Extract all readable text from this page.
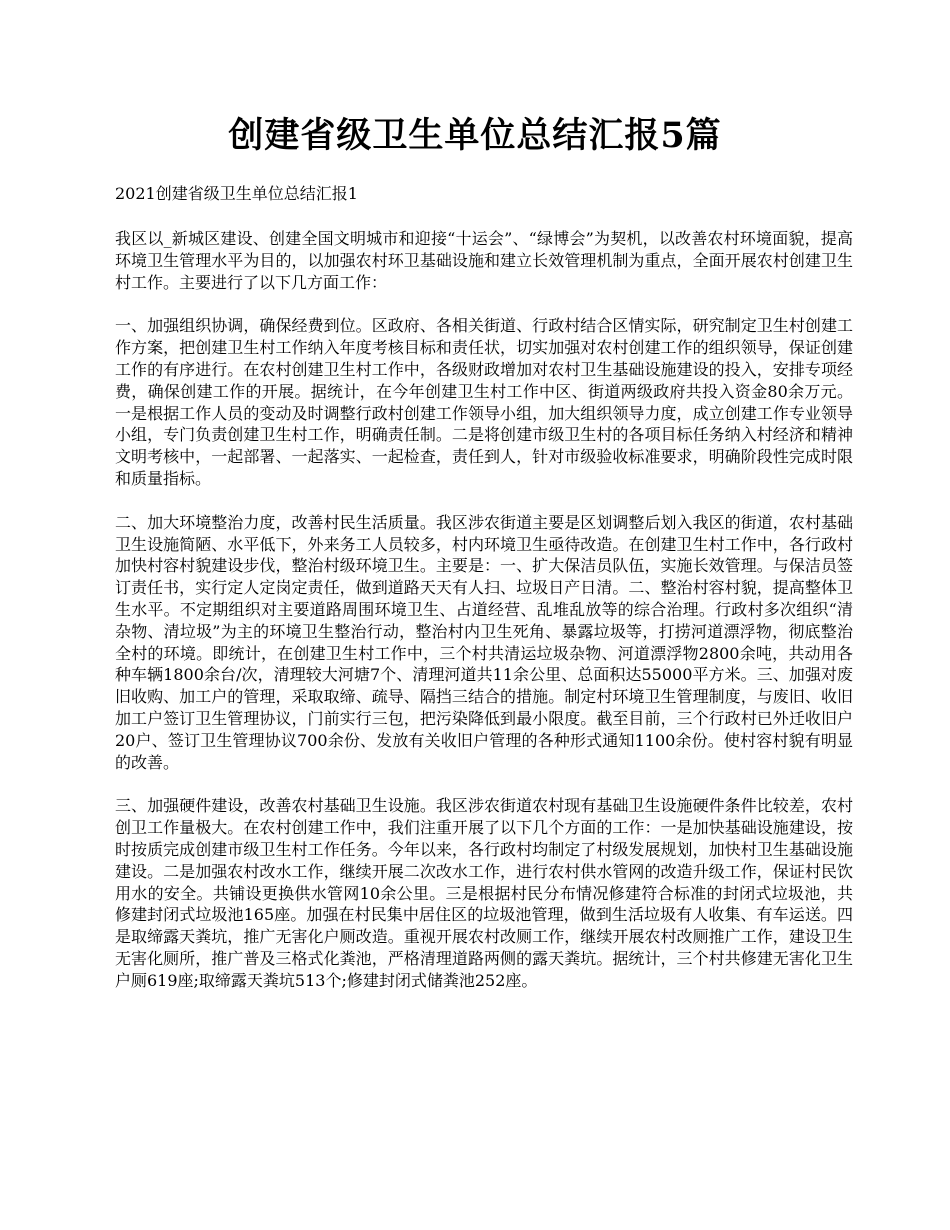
创建省级卫生单位总结汇报5篇

2021创建省级卫生单位总结汇报1

我区以_新城区建设、创建全国文明城市和迎接“十运会”、“绿博会”为契机，以改善农村环境面貌，提高环境卫生管理水平为目的，以加强农村环卫基础设施和建立长效管理机制为重点，全面开展农村创建卫生村工作。主要进行了以下几方面工作：

一、加强组织协调，确保经费到位。区政府、各相关街道、行政村结合区情实际，研究制定卫生村创建工作方案，把创建卫生村工作纳入年度考核目标和责任状，切实加强对农村创建工作的组织领导，保证创建工作的有序进行。在农村创建卫生村工作中，各级财政增加对农村卫生基础设施建设的投入，安排专项经费，确保创建工作的开展。据统计，在今年创建卫生村工作中区、街道两级政府共投入资金80余万元。一是根据工作人员的变动及时调整行政村创建工作领导小组，加大组织领导力度，成立创建工作专业领导小组，专门负责创建卫生村工作，明确责任制。二是将创建市级卫生村的各项目标任务纳入村经济和精神文明考核中，一起部署、一起落实、一起检查，责任到人，针对市级验收标准要求，明确阶段性完成时限和质量指标。

二、加大环境整治力度，改善村民生活质量。我区涉农街道主要是区划调整后划入我区的街道，农村基础卫生设施简陋、水平低下，外来务工人员较多，村内环境卫生亟待改造。在创建卫生村工作中，各行政村加快村容村貌建设步伐，整治村级环境卫生。主要是：一、扩大保洁员队伍，实施长效管理。与保洁员签订责任书，实行定人定岗定责任，做到道路天天有人扫、垃圾日产日清。二、整治村容村貌，提高整体卫生水平。不定期组织对主要道路周围环境卫生、占道经营、乱堆乱放等的综合治理。行政村多次组织“清杂物、清垃圾”为主的环境卫生整治行动，整治村内卫生死角、暴露垃圾等，打捞河道漂浮物，彻底整治全村的环境。即统计，在创建卫生村工作中，三个村共清运垃圾杂物、河道漂浮物2800余吨，共动用各种车辆1800余台/次，清理较大河塘7个、清理河道共11余公里、总面积达55000平方米。三、加强对废旧收购、加工户的管理，采取取缔、疏导、隔挡三结合的措施。制定村环境卫生管理制度，与废旧、收旧加工户签订卫生管理协议，门前实行三包，把污染降低到最小限度。截至目前，三个行政村已外迁收旧户20户、签订卫生管理协议700余份、发放有关收旧户管理的各种形式通知1100余份。使村容村貌有明显的改善。

三、加强硬件建设，改善农村基础卫生设施。我区涉农街道农村现有基础卫生设施硬件条件比较差，农村创卫工作量极大。在农村创建工作中，我们注重开展了以下几个方面的工作：一是加快基础设施建设，按时按质完成创建市级卫生村工作任务。今年以来，各行政村均制定了村级发展规划，加快村卫生基础设施建设。二是加强农村改水工作，继续开展二次改水工作，进行农村供水管网的改造升级工作，保证村民饮用水的安全。共铺设更换供水管网10余公里。三是根据村民分布情况修建符合标准的封闭式垃圾池，共修建封闭式垃圾池165座。加强在村民集中居住区的垃圾池管理，做到生活垃圾有人收集、有车运送。四是取缔露天粪坑，推广无害化户厕改造。重视开展农村改厕工作，继续开展农村改厕推广工作，建设卫生无害化厕所，推广普及三格式化粪池，严格清理道路两侧的露天粪坑。据统计，三个村共修建无害化卫生户厕619座;取缔露天粪坑513个;修建封闭式储粪池252座。
